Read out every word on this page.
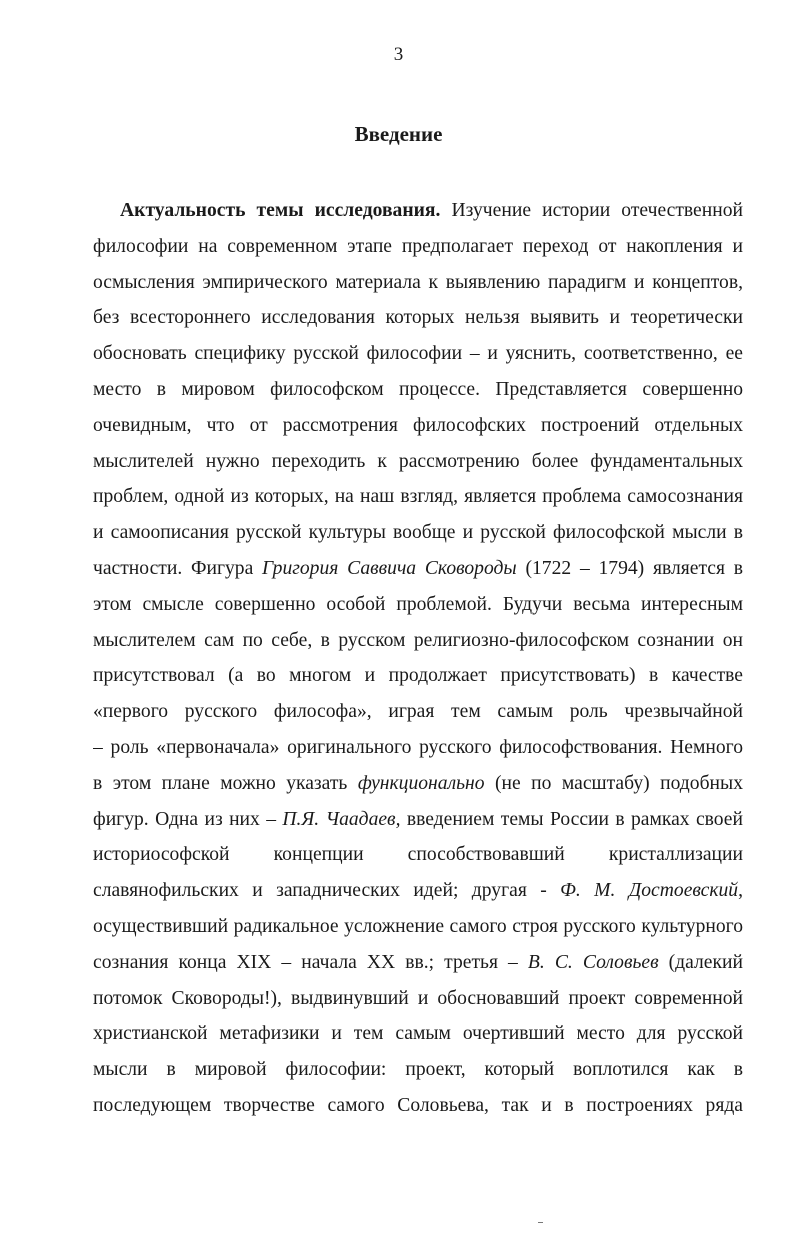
3
Введение
Актуальность темы исследования. Изучение истории отечественной
философии на современном этапе предполагает переход от накопления и
осмысления эмпирического материала к выявлению парадигм и концептов,
без всестороннего исследования которых нельзя выявить и теоретически
обосновать специфику русской философии – и уяснить, соответственно, ее
место в мировом философском процессе. Представляется совершенно
очевидным, что от рассмотрения философских построений отдельных
мыслителей нужно переходить к рассмотрению более фундаментальных
проблем, одной из которых, на наш взгляд, является проблема самосознания
и самоописания русской культуры вообще и русской философской мысли в
частности. Фигура Григория Саввича Сковороды (1722 – 1794) является в
этом смысле совершенно особой проблемой. Будучи весьма интересным
мыслителем сам по себе, в русском религиозно-философском сознании он
присутствовал (а во многом и продолжает присутствовать) в качестве
«первого русского философа», играя тем самым роль чрезвычайной
– роль «первоначала» оригинального русского философствования. Немного
в этом плане можно указать функционально (не по масштабу) подобных
фигур. Одна из них – П.Я. Чаадаев, введением темы России в рамках своей
историософской концепции способствовавший кристаллизации
славянофильских и западнических идей; другая - Ф. М. Достоевский,
осуществивший радикальное усложнение самого строя русского культурного
сознания конца XIX – начала XX вв.; третья – В. С. Соловьев (далекий
потомок Сковороды!), выдвинувший и обосновавший проект современной
христианской метафизики и тем самым очертивший место для русской
мысли в мировой философии: проект, который воплотился как в
последующем творчестве самого Соловьева, так и в построениях ряда
